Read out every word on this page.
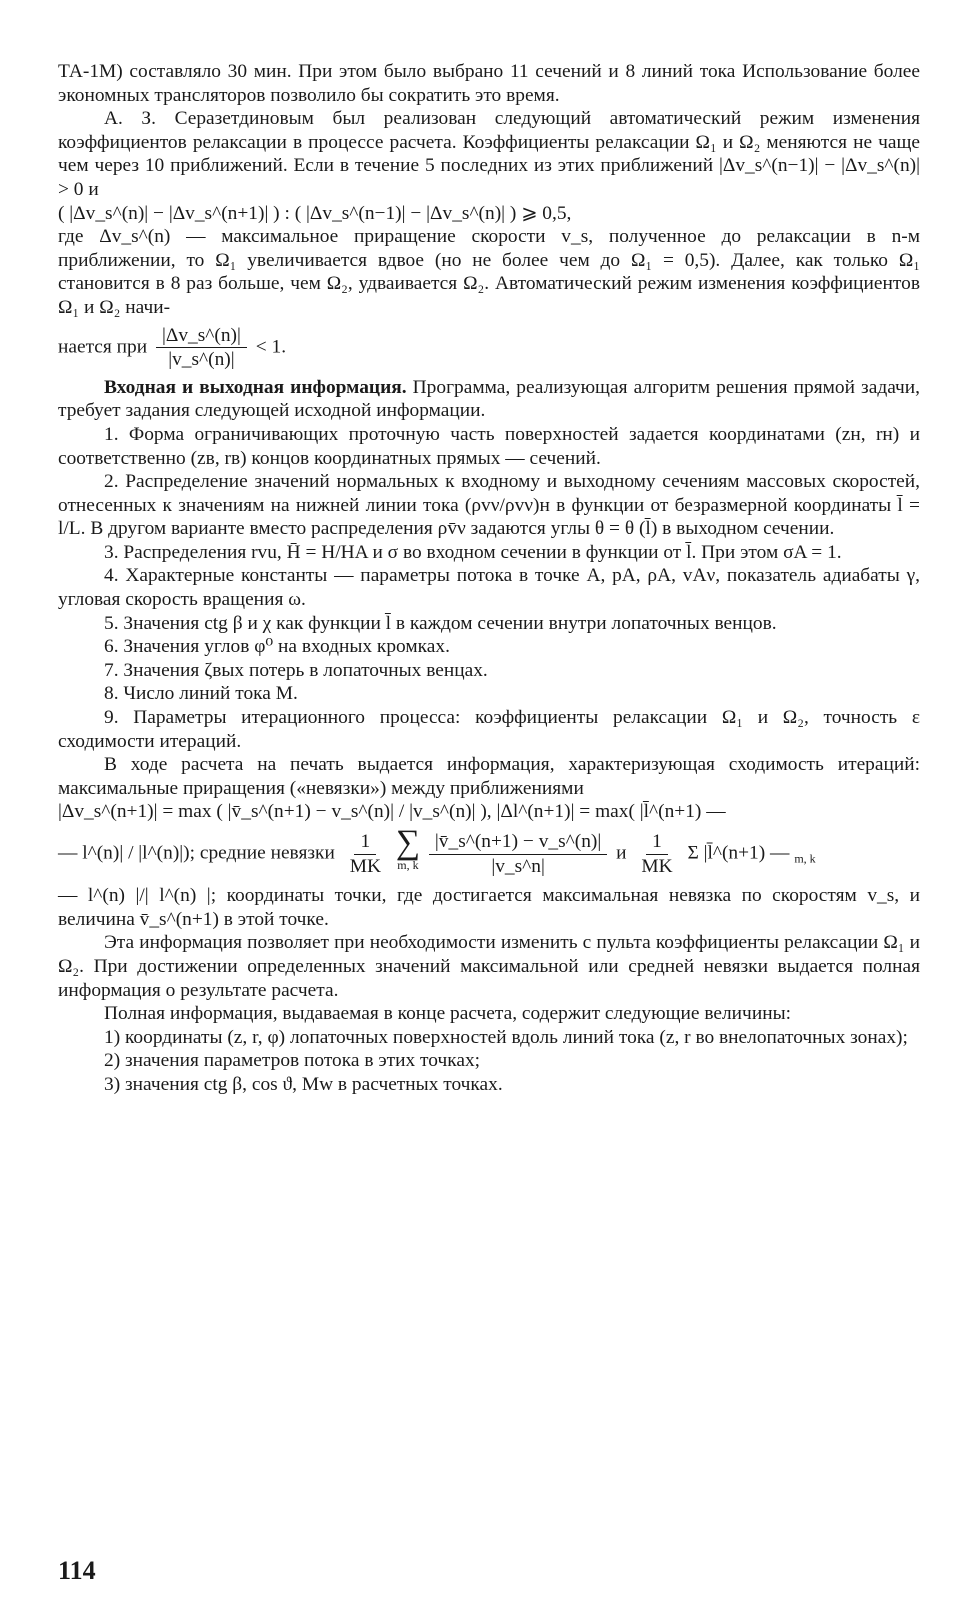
ТА-1М) составляло 30 мин. При этом было выбрано 11 сечений и 8 линий тока Использование более экономных трансляторов позволило бы сократить это время.

А. З. Серазетдиновым был реализован следующий автоматический режим изменения коэффициентов релаксации в процессе расчета. Коэффициенты релаксации Ω₁ и Ω₂ меняются не чаще чем через 10 приближений. Если в течение 5 последних из этих приближений |Δv_s^(n−1)| − |Δv_s^(n)| > 0 и

( |Δv_s^(n)| − |Δv_s^(n+1)| ) : ( |Δv_s^(n−1)| − |Δv_s^(n)| ) ⩾ 0,5,

где Δv_s^(n) — максимальное приращение скорости v_s, полученное до релаксации в n-м приближении, то Ω₁ увеличивается вдвое (но не более чем до Ω₁ = 0,5). Далее, как только Ω₁ становится в 8 раз больше, чем Ω₂, удваивается Ω₂. Автоматический режим изменения коэффициентов Ω₁ и Ω₂ начи-

нается при $\frac{|\Delta v\_s\^{}(n)|}{|v\_s\^{}(n)|} < 1$.

Входная и выходная информация. Программа, реализующая алгоритм решения прямой задачи, требует задания следующей исходной информации.

1. Форма ограничивающих проточную часть поверхностей задается координатами (zн, rн) и соответственно (zв, rв) концов координатных прямых — сечений.

2. Распределение значений нормальных к входному и выходному сечениям массовых скоростей, отнесенных к значениям на нижней линии тока (ρvν/ρvν)н в функции от безразмерной координаты l̄ = l/L. В другом варианте вместо распределения ρv̄ν задаются углы θ = θ (l̄) в выходном сечении.

3. Распределения rvu, H̄ = H/HA и σ во входном сечении в функции от l̄. При этом σA = 1.

4. Характерные константы — параметры потока в точке A, pA, ρA, vAν, показатель адиабаты γ, угловая скорость вращения ω.

5. Значения ctg β и χ как функции l̄ в каждом сечении внутри лопаточных венцов.

6. Значения углов φ⁰ на входных кромках.

7. Значения ζвых потерь в лопаточных венцах.

8. Число линий тока M.

9. Параметры итерационного процесса: коэффициенты релаксации Ω₁ и Ω₂, точность ε сходимости итераций.

В ходе расчета на печать выдается информация, характеризующая сходимость итераций: максимальные приращения («невязки») между приближениями

|Δv_s^(n+1)| = max ( |v̄_s^(n+1) − v_s^(n)| / |v_s^(n)| ), |Δl^(n+1)| = max( |l̄^(n+1) —

— l^(n)| / |l^(n)|); средние невязки $\frac{1}{MK}$
∑
m, k
$\frac{|v̄\_s\^{}(n+1) - v\_s\^{}(n)|}{|v\_s\^{}n|}$ и $\frac{1}{MK}$ Σ |l̄^(n+1) — $_{m, k}$

— l^(n) |/| l^(n) |; координаты точки, где достигается максимальная невязка по скоростям v_s, и величина v̄_s^(n+1) в этой точке.

Эта информация позволяет при необходимости изменить с пульта коэффициенты релаксации Ω₁ и Ω₂. При достижении определенных значений максимальной или средней невязки выдается полная информация о результате расчета.

Полная информация, выдаваемая в конце расчета, содержит следующие величины:

1) координаты (z, r, φ) лопаточных поверхностей вдоль линий тока (z, r во внелопаточных зонах);

2) значения параметров потока в этих точках;

3) значения ctg β, cos ϑ, Mw в расчетных точках.

114
